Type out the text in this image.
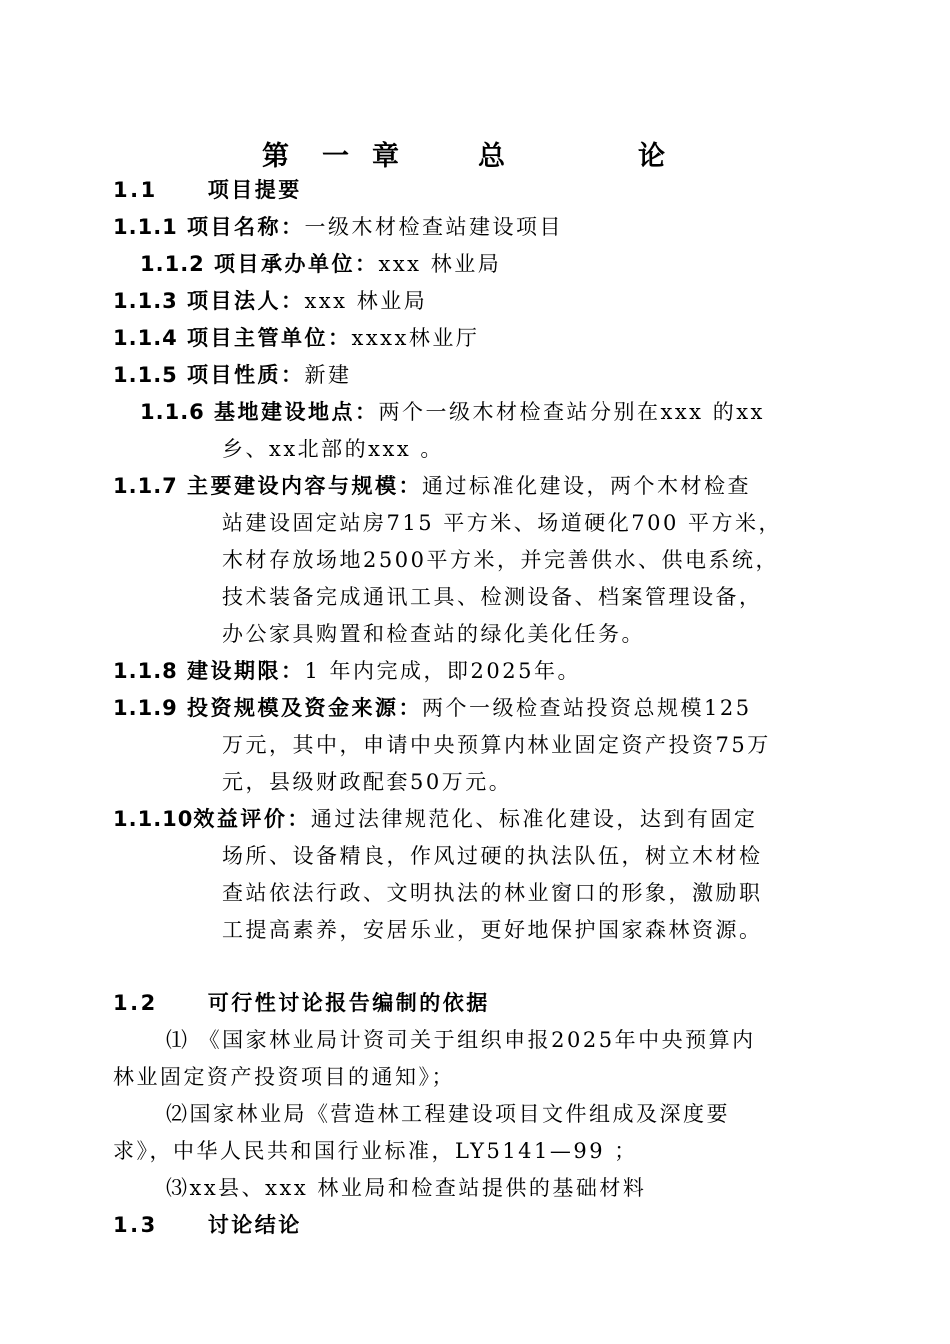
第 一 章	总	论
1.1 项目提要
1.1.1 项目名称：一级木材检查站建设项目
1.1.2 项目承办单位：xxx 林业局
1.1.3 项目法人：xxx 林业局
1.1.4 项目主管单位：xxxx林业厅
1.1.5 项目性质：新建
1.1.6 基地建设地点：两个一级木材检查站分别在xxx 的xx
乡、xx北部的xxx 。
1.1.7 主要建设内容与规模：通过标准化建设，两个木材检查
站建设固定站房715 平方米、场道硬化700 平方米，
木材存放场地2500平方米，并完善供水、供电系统，
技术装备完成通讯工具、检测设备、档案管理设备，
办公家具购置和检查站的绿化美化任务。
1.1.8 建设期限：1 年内完成，即2025年。
1.1.9 投资规模及资金来源：两个一级检查站投资总规模125
万元，其中，申请中央预算内林业固定资产投资75万
元，县级财政配套50万元。
1.1.10效益评价：通过法律规范化、标准化建设，达到有固定
场所、设备精良，作风过硬的执法队伍，树立木材检
查站依法行政、文明执法的林业窗口的形象，激励职
工提高素养，安居乐业，更好地保护国家森林资源。
1.2 可行性讨论报告编制的依据
⑴ 《国家林业局计资司关于组织申报2025年中央预算内
林业固定资产投资项目的通知》；
⑵国家林业局《营造林工程建设项目文件组成及深度要
求》，中华人民共和国行业标准，LY5141—99 ；
⑶xx县、xxx 林业局和检查站提供的基础材料
1.3 讨论结论
